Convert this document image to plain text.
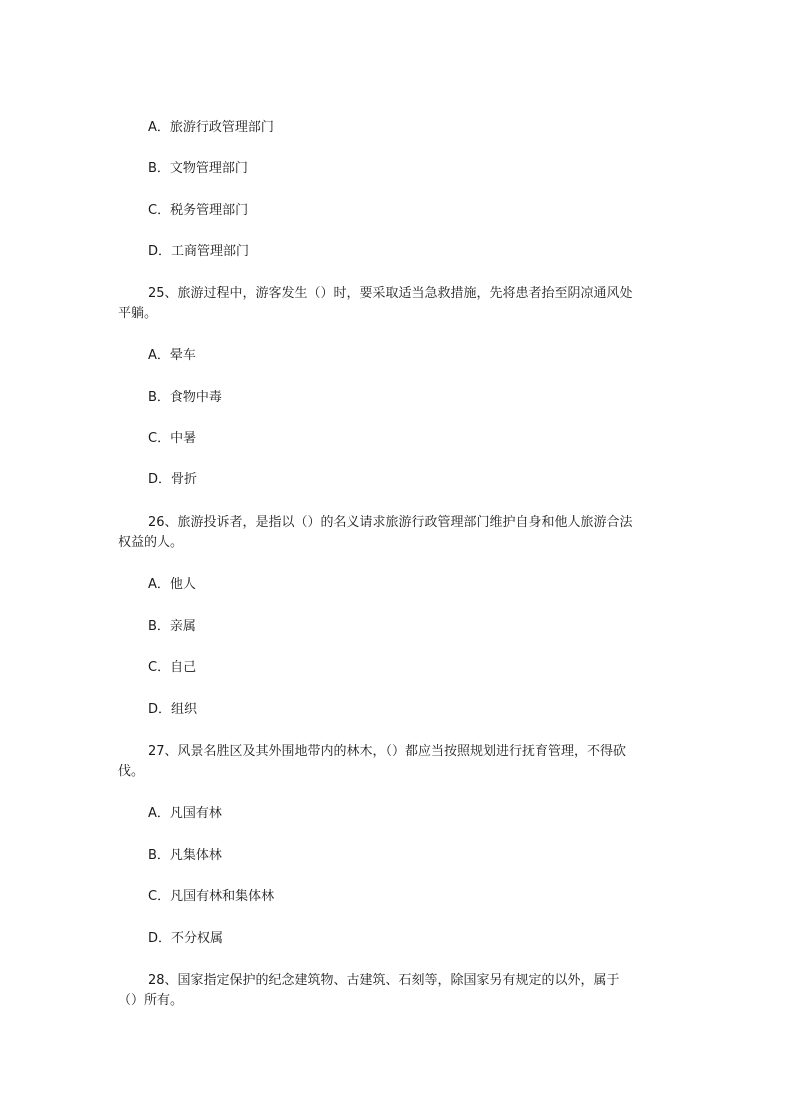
A．旅游行政管理部门
B．文物管理部门
C．税务管理部门
D．工商管理部门
25、旅游过程中，游客发生（）时，要采取适当急救措施，先将患者抬至阴凉通风处
平躺。
A．晕车
B．食物中毒
C．中暑
D．骨折
26、旅游投诉者，是指以（）的名义请求旅游行政管理部门维护自身和他人旅游合法
权益的人。
A．他人
B．亲属
C．自己
D．组织
27、风景名胜区及其外围地带内的林木，（）都应当按照规划进行抚育管理，不得砍
伐。
A．凡国有林
B．凡集体林
C．凡国有林和集体林
D．不分权属
28、国家指定保护的纪念建筑物、古建筑、石刻等，除国家另有规定的以外，属于
（）所有。
